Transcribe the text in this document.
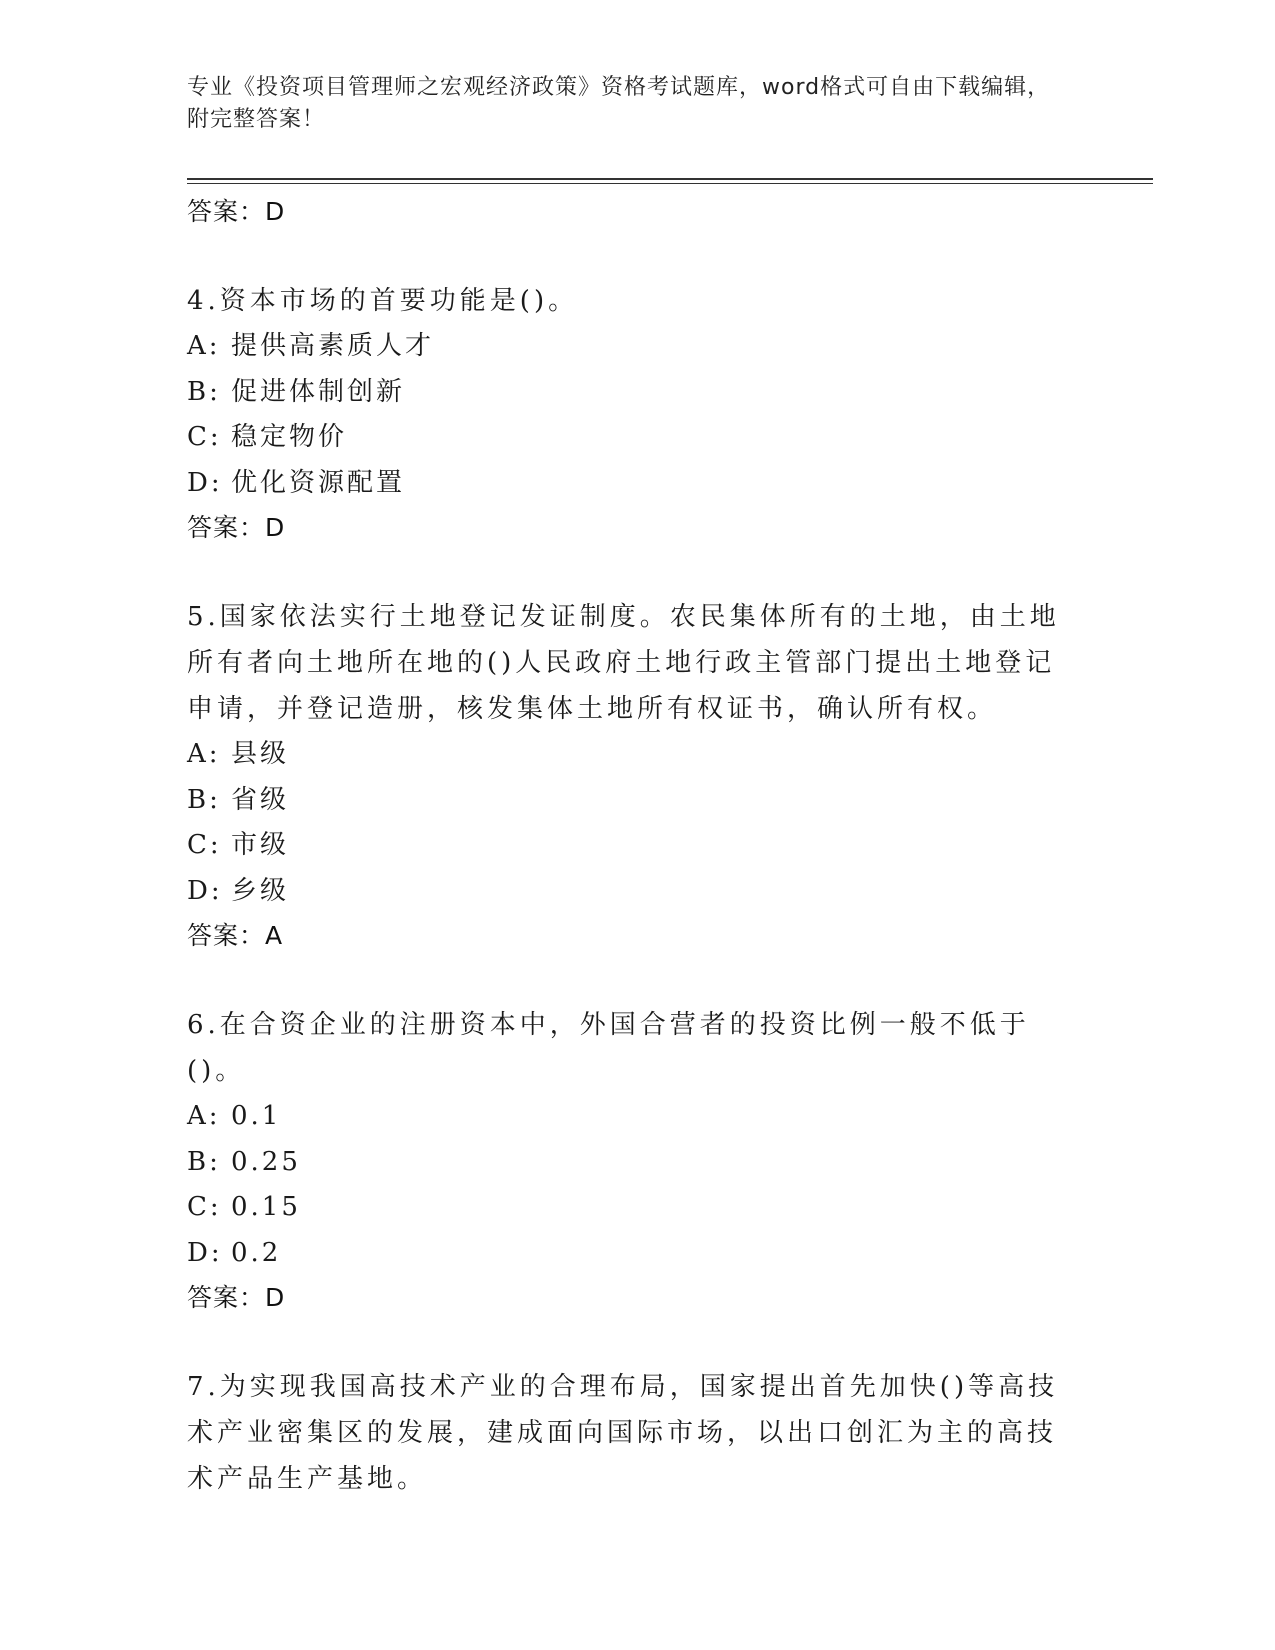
专业《投资项目管理师之宏观经济政策》资格考试题库，word格式可自由下载编辑，附完整答案！
答案：D
4.资本市场的首要功能是()。
A: 提供高素质人才
B: 促进体制创新
C: 稳定物价
D: 优化资源配置
答案：D
5.国家依法实行土地登记发证制度。农民集体所有的土地，由土地所有者向土地所在地的()人民政府土地行政主管部门提出土地登记申请，并登记造册，核发集体土地所有权证书，确认所有权。
A: 县级
B: 省级
C: 市级
D: 乡级
答案：A
6.在合资企业的注册资本中，外国合营者的投资比例一般不低于()。
A: 0.1
B: 0.25
C: 0.15
D: 0.2
答案：D
7.为实现我国高技术产业的合理布局，国家提出首先加快()等高技术产业密集区的发展，建成面向国际市场，以出口创汇为主的高技术产品生产基地。
